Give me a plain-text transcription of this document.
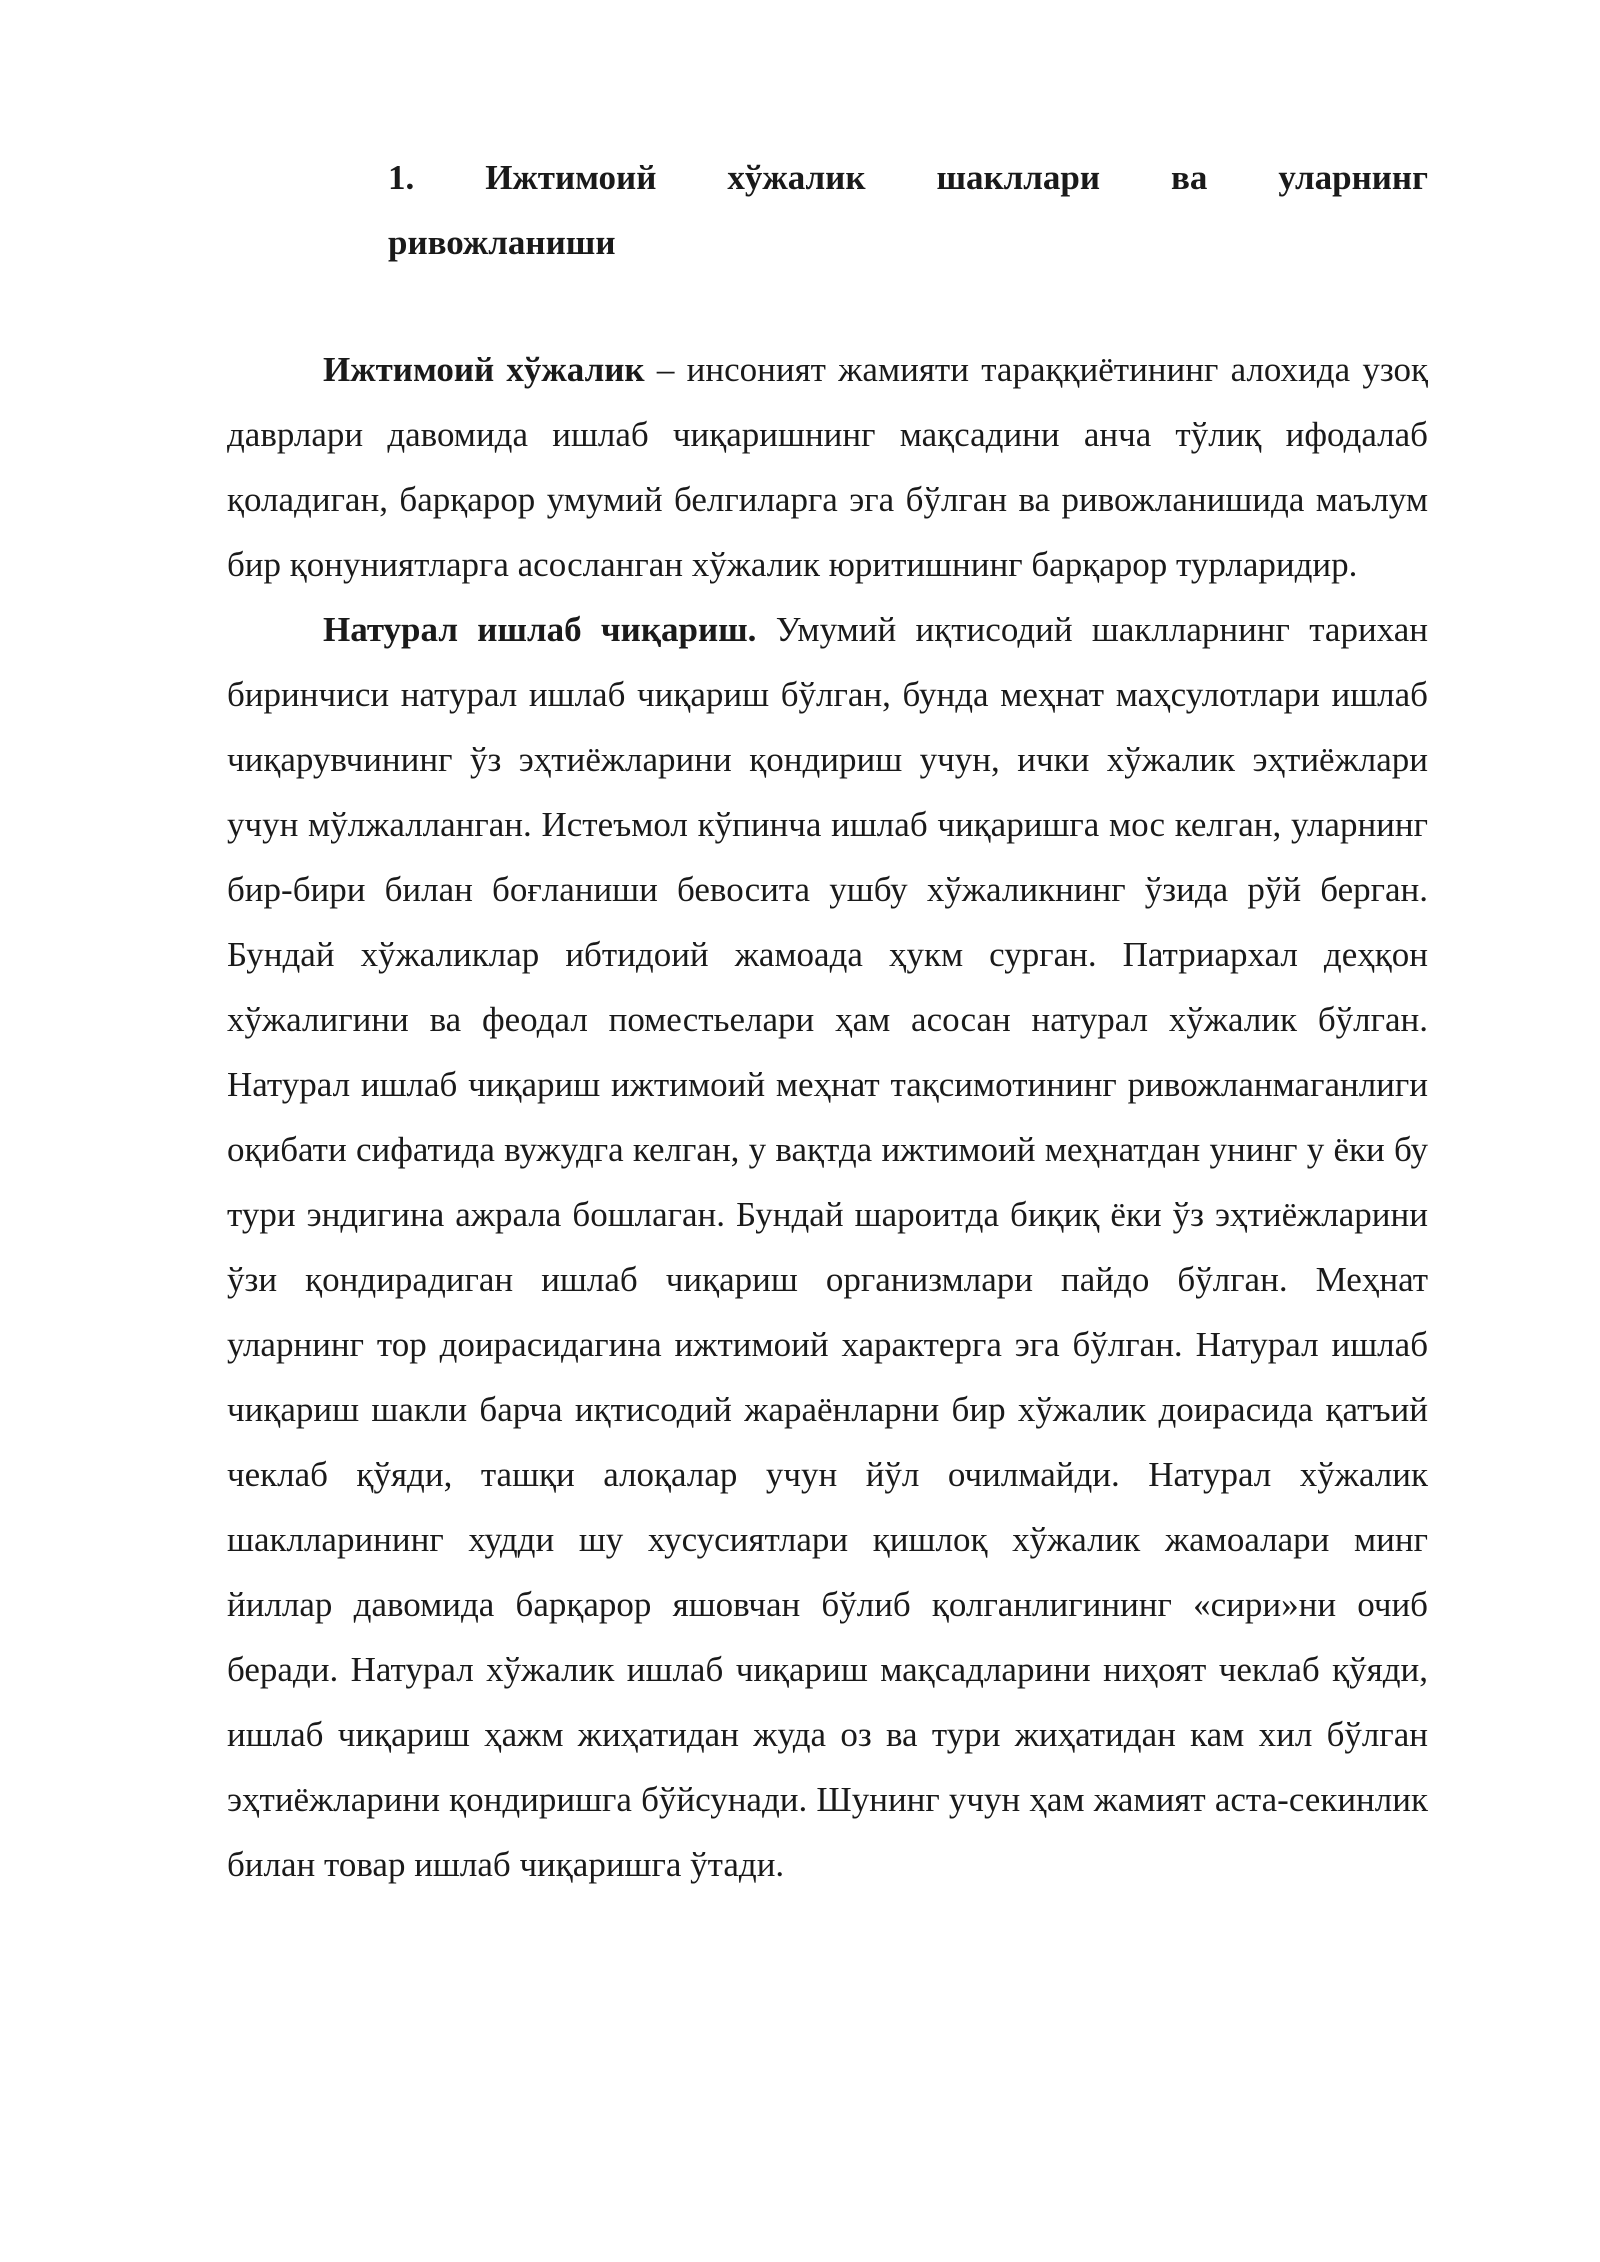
1. Ижтимоий хўжалик шакллари ва уларнинг
ривожланиши

Ижтимоий хўжалик – инсоният жамияти тараққиётининг алохида узоқ даврлари давомида ишлаб чиқаришнинг мақсадини анча тўлиқ ифодалаб қоладиган, барқарор умумий белгиларга эга бўлган ва ривожланишида маълум бир қонуниятларга асосланган хўжалик юритишнинг барқарор турларидир.

Натурал ишлаб чиқариш. Умумий иқтисодий шаклларнинг тарихан биринчиси натурал ишлаб чиқариш бўлган, бунда меҳнат маҳсулотлари ишлаб чиқарувчининг ўз эҳтиёжларини қондириш учун, ички хўжалик эҳтиёжлари учун мўлжалланган. Истеъмол кўпинча ишлаб чиқаришга мос келган, уларнинг бир-бири билан боғланиши бевосита ушбу хўжаликнинг ўзида рўй берган. Бундай хўжаликлар ибтидоий жамоада ҳукм сурган. Патриархал деҳқон хўжалигини ва феодал поместьелари ҳам асосан натурал хўжалик бўлган. Натурал ишлаб чиқариш ижтимоий меҳнат тақсимотининг ривожланмаганлиги оқибати сифатида вужудга келган, у вақтда ижтимоий меҳнатдан унинг у ёки бу тури эндигина ажрала бошлаган. Бундай шароитда биқиқ ёки ўз эҳтиёжларини ўзи қондирадиган ишлаб чиқариш организмлари пайдо бўлган. Меҳнат уларнинг тор доирасидагина ижтимоий характерга эга бўлган. Натурал ишлаб чиқариш шакли барча иқтисодий жараёнларни бир хўжалик доирасида қатъий чеклаб қўяди, ташқи алоқалар учун йўл очилмайди. Натурал хўжалик шаклларининг худди шу хусусиятлари қишлоқ хўжалик жамоалари минг йиллар давомида барқарор яшовчан бўлиб қолганлигининг «сири»ни очиб беради. Натурал хўжалик ишлаб чиқариш мақсадларини ниҳоят чеклаб қўяди, ишлаб чиқариш ҳажм жиҳатидан жуда оз ва тури жиҳатидан кам хил бўлган эҳтиёжларини қондиришга бўйсунади. Шунинг учун ҳам жамият аста-секинлик билан товар ишлаб чиқаришга ўтади.
